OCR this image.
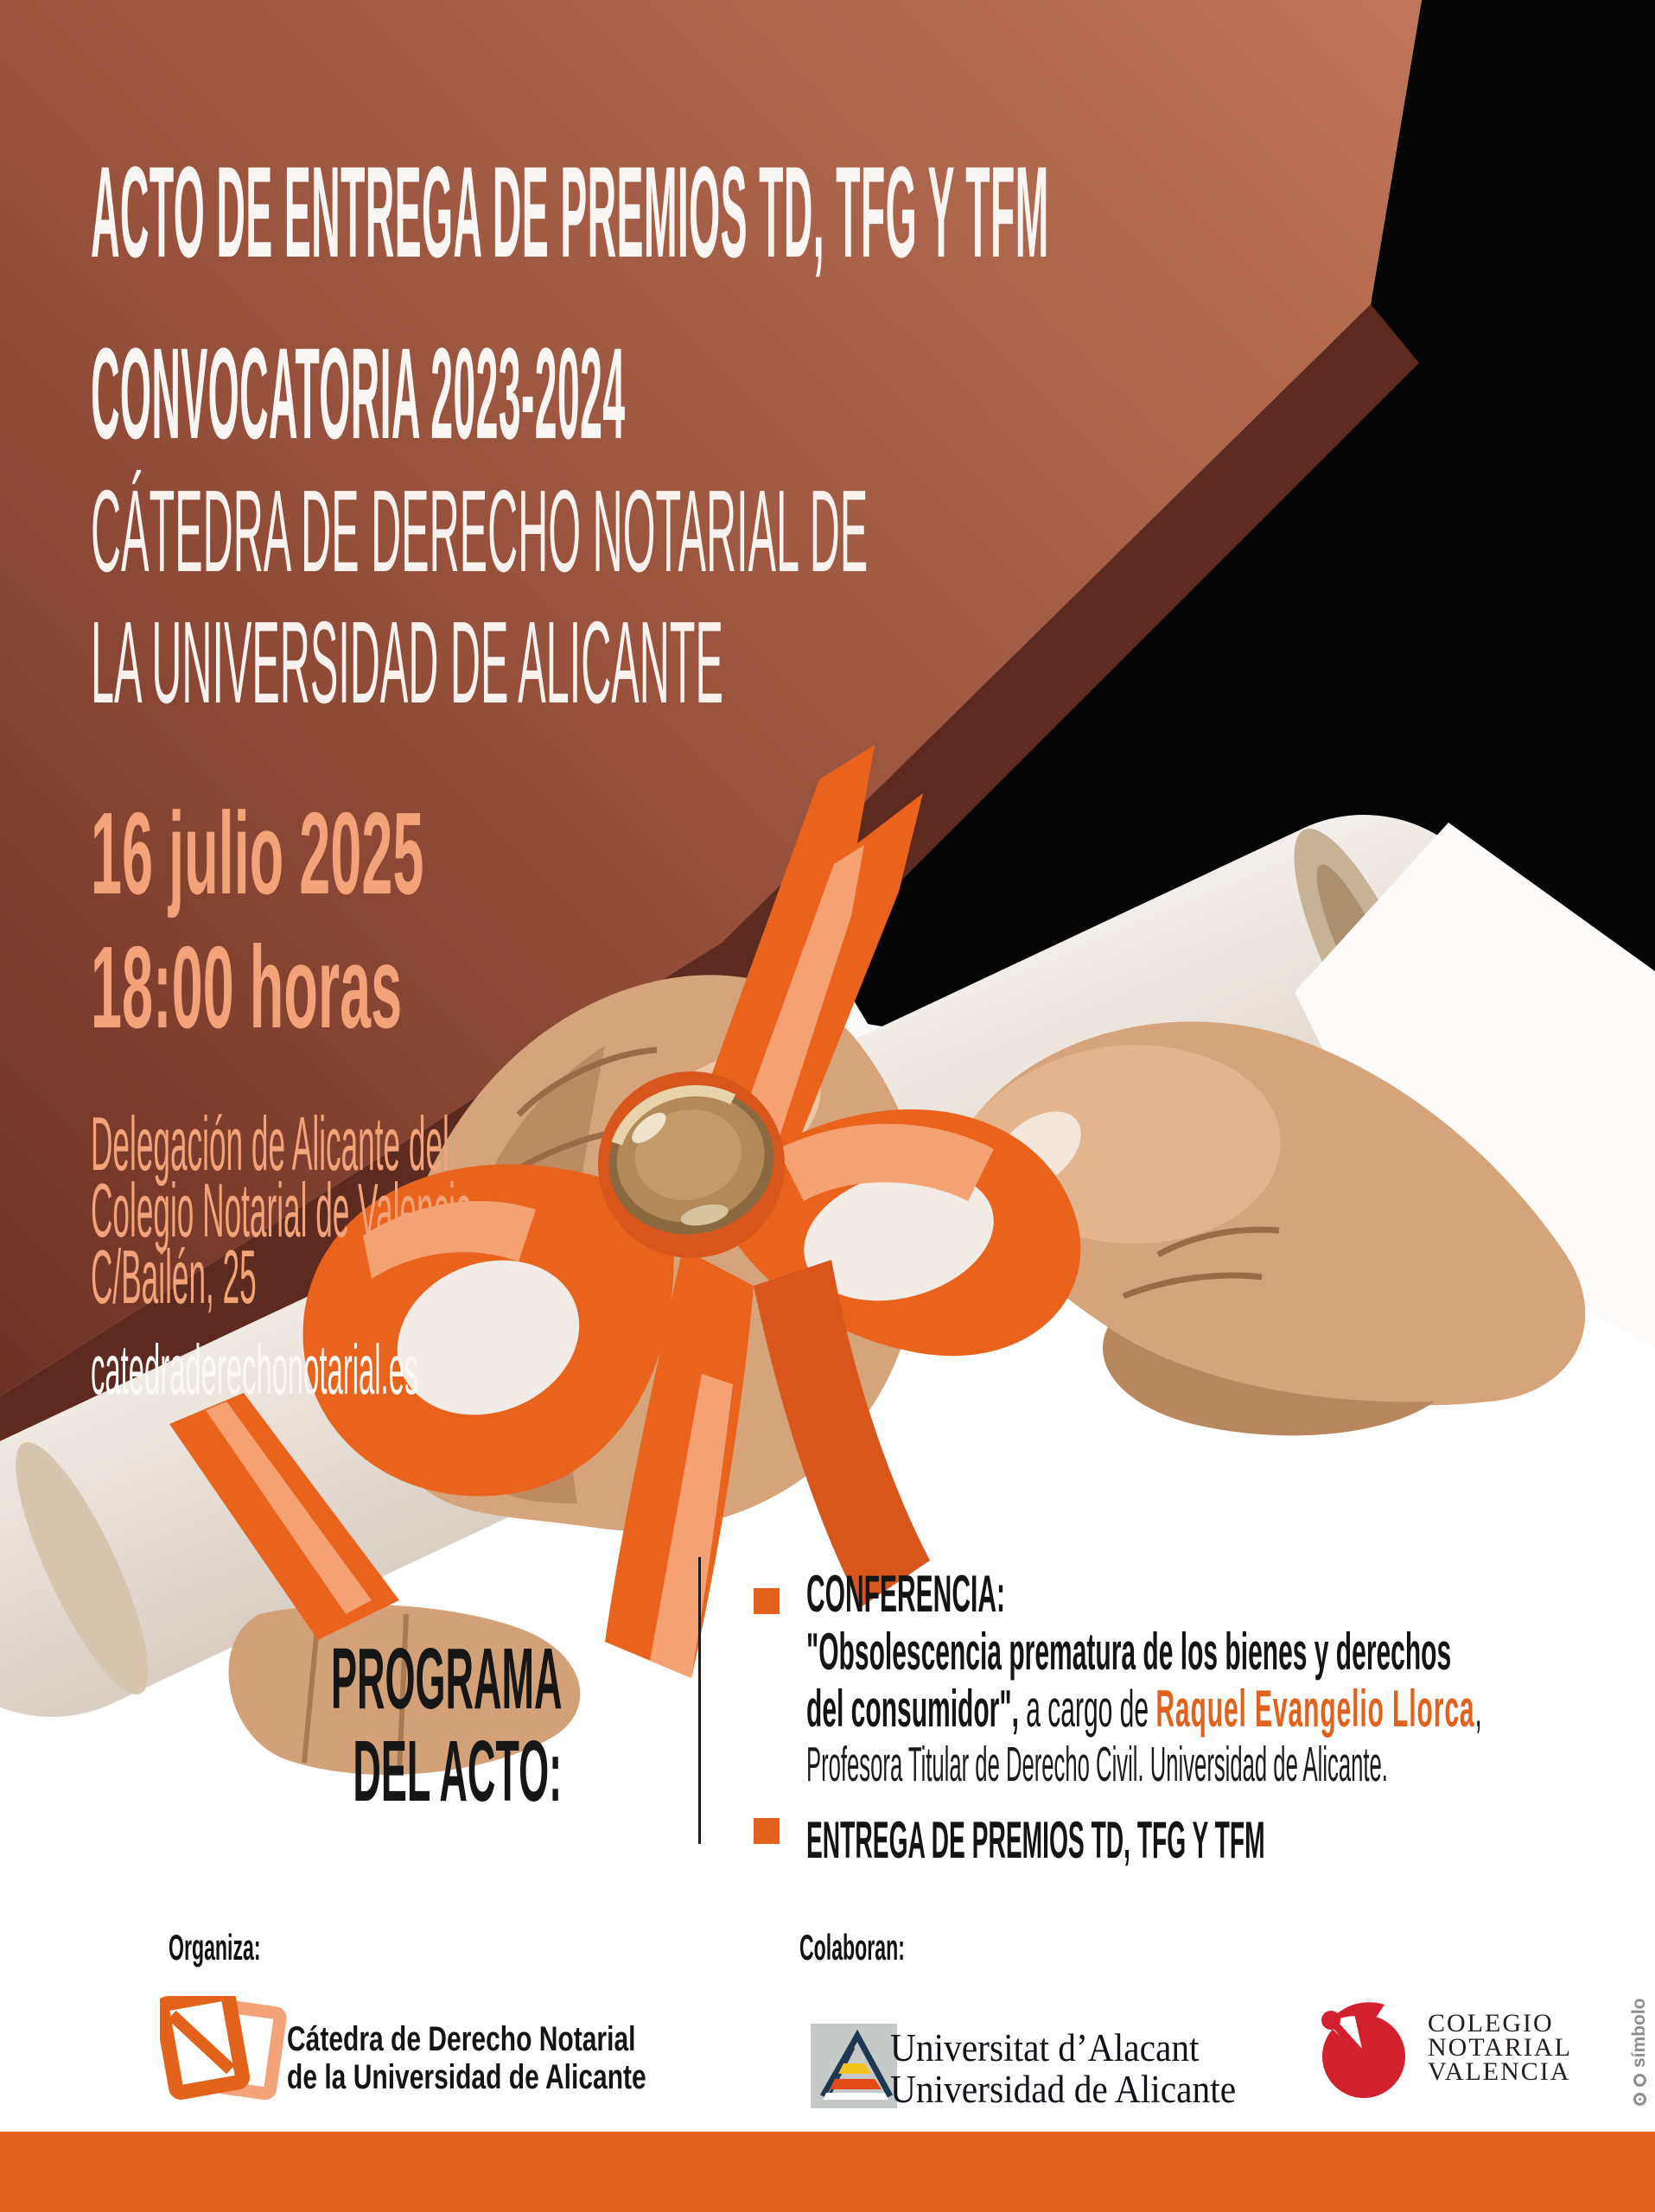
ACTO DE ENTREGA DE PREMIOS TD, TFG Y TFM
CONVOCATORIA 2023-2024
CÁTEDRA DE DERECHO NOTARIAL DE
LA UNIVERSIDAD DE ALICANTE
16 julio 2025
18:00 horas
Delegación de Alicante del
Colegio Notarial de Valencia
C/Bailén, 25
catedraderechonotarial.es
PROGRAMA
DEL ACTO:
CONFERENCIA:
"Obsolescencia prematura de los bienes y derechos
del consumidor", a cargo de Raquel Evangelio Llorca,
Profesora Titular de Derecho Civil. Universidad de Alicante.
ENTREGA DE PREMIOS TD, TFG Y TFM
Organiza:	Colaboran:
Cátedra de Derecho Notarial
de la Universidad de Alicante
Universitat d’Alacant
Universidad de Alicante
COLEGIO
NOTARIAL
VALENCIA
símbolo
